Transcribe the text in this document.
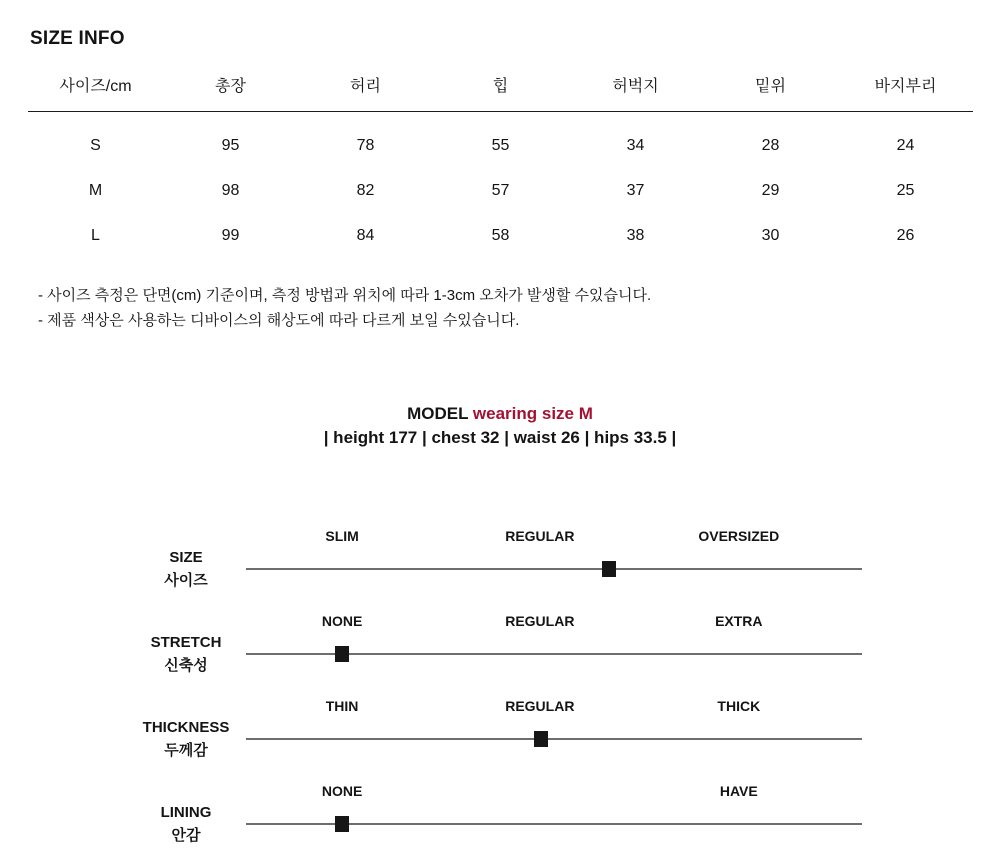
SIZE INFO
사이즈/cm	총장	허리	힙	허벅지	밑위	바지부리
S	95	78	55	34	28	24
M	98	82	57	37	29	25
L	99	84	58	38	30	26
- 사이즈 측정은 단면(cm) 기준이며, 측정 방법과 위치에 따라 1-3cm 오차가 발생할 수있습니다.
- 제품 색상은 사용하는 디바이스의 해상도에 따라 다르게 보일 수있습니다.
MODEL wearing size M
| height 177 | chest 32 | waist 26 | hips 33.5 |
SIZE
사이즈
SLIM	REGULAR	OVERSIZED
STRETCH
신축성
NONE	REGULAR	EXTRA
THICKNESS
두께감
THIN	REGULAR	THICK
LINING
안감
NONE	HAVE
